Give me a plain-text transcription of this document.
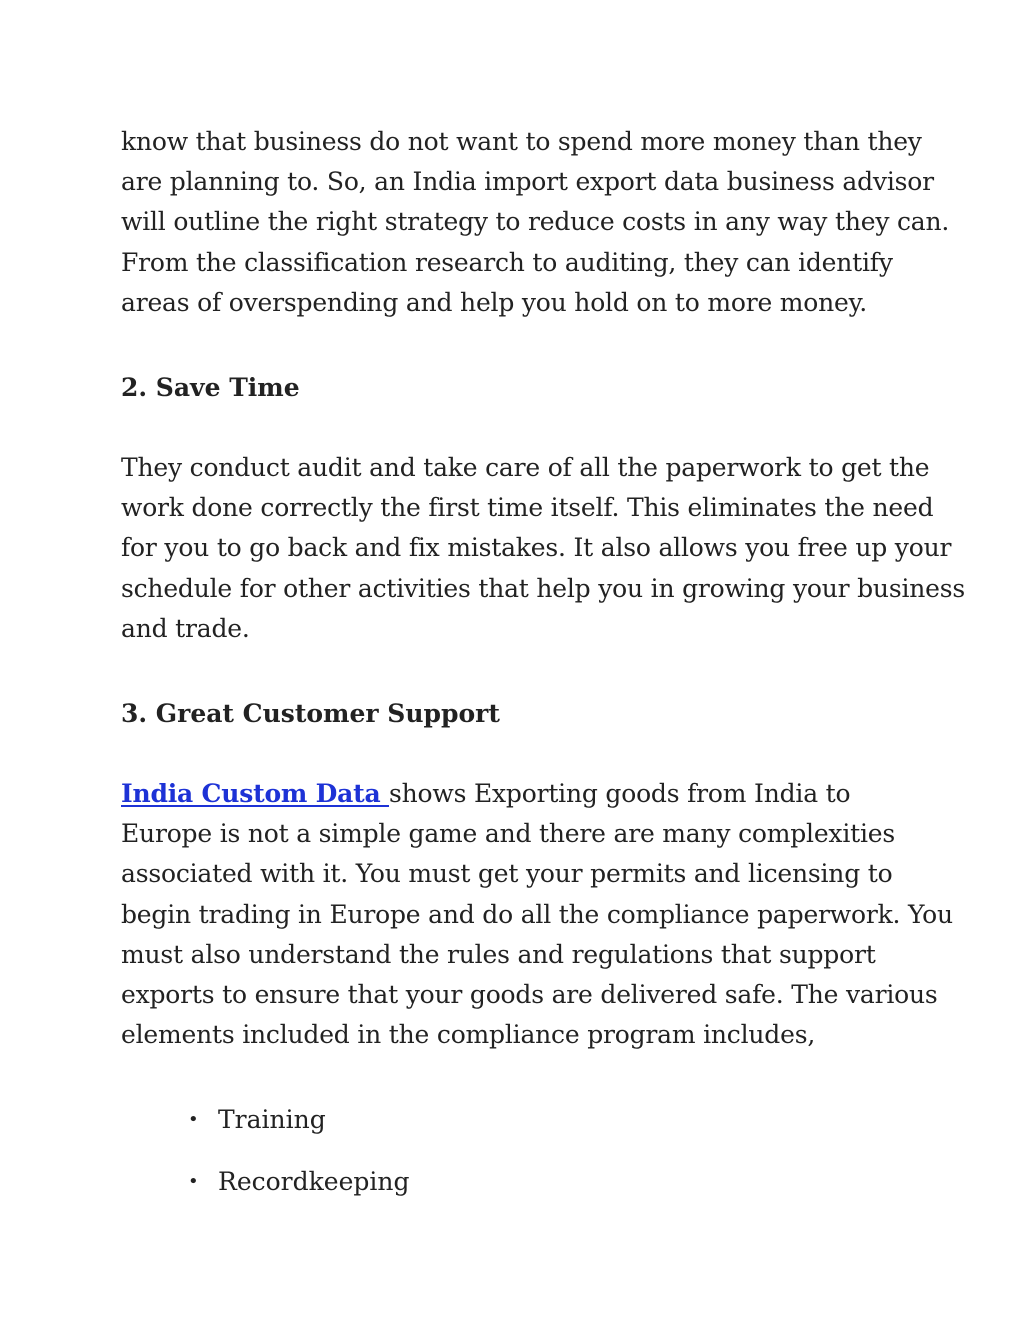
know that business do not want to spend more money than they
are planning to. So, an India import export data business advisor
will outline the right strategy to reduce costs in any way they can.
From the classification research to auditing, they can identify
areas of overspending and help you hold on to more money.

2. Save Time

They conduct audit and take care of all the paperwork to get the
work done correctly the first time itself. This eliminates the need
for you to go back and fix mistakes. It also allows you free up your
schedule for other activities that help you in growing your business
and trade.

3. Great Customer Support

India Custom Data shows Exporting goods from India to
Europe is not a simple game and there are many complexities
associated with it. You must get your permits and licensing to
begin trading in Europe and do all the compliance paperwork. You
must also understand the rules and regulations that support
exports to ensure that your goods are delivered safe. The various
elements included in the compliance program includes,

• Training
• Recordkeeping
